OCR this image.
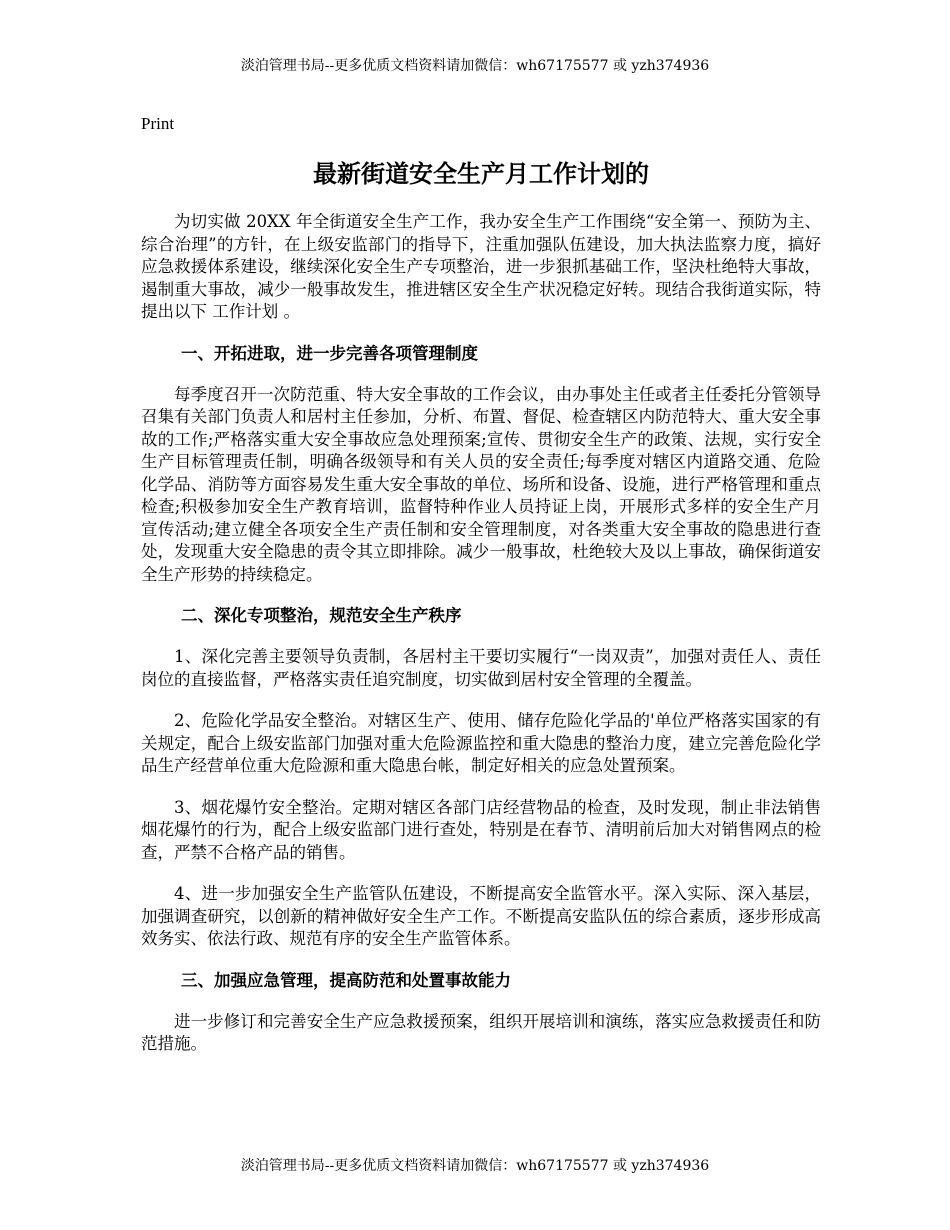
淡泊管理书局--更多优质文档资料请加微信：wh67175577 或 yzh374936
Print
最新街道安全生产月工作计划的

为切实做 20XX 年全街道安全生产工作，我办安全生产工作围绕“安全第一、预防为主、综合治理”的方针，在上级安监部门的指导下，注重加强队伍建设，加大执法监察力度，搞好应急救援体系建设，继续深化安全生产专项整治，进一步狠抓基础工作，坚決杜绝特大事故，遏制重大事故，减少一般事故发生，推进辖区安全生产状况稳定好转。现结合我街道实际，特提出以下 工作计划 。

一、开拓进取，进一步完善各项管理制度

每季度召开一次防范重、特大安全事故的工作会议，由办事处主任或者主任委托分管领导召集有关部门负责人和居村主任参加，分析、布置、督促、检查辖区内防范特大、重大安全事故的工作;严格落实重大安全事故应急处理预案;宣传、贯彻安全生产的政策、法规，实行安全生产目标管理责任制，明确各级领导和有关人员的安全责任;每季度对辖区内道路交通、危险化学品、消防等方面容易发生重大安全事故的单位、场所和设备、设施，进行严格管理和重点检查;积极参加安全生产教育培训，监督特种作业人员持证上岗，开展形式多样的安全生产月宣传活动;建立健全各项安全生产责任制和安全管理制度，对各类重大安全事故的隐患进行查处，发现重大安全隐患的责令其立即排除。减少一般事故，杜绝较大及以上事故，确保街道安全生产形势的持续稳定。

二、深化专项整治，规范安全生产秩序

1、深化完善主要领导负责制，各居村主干要切实履行“一岗双责”，加强对责任人、责任岗位的直接监督，严格落实责任追究制度，切实做到居村安全管理的全覆盖。

2、危险化学品安全整治。对辖区生产、使用、储存危险化学品的'单位严格落实国家的有关规定，配合上级安监部门加强对重大危险源监控和重大隐患的整治力度，建立完善危险化学品生产经营单位重大危险源和重大隐患台帐，制定好相关的应急处置预案。

3、烟花爆竹安全整治。定期对辖区各部门店经营物品的检查，及时发现，制止非法销售烟花爆竹的行为，配合上级安监部门进行查处，特别是在春节、清明前后加大对销售网点的检查，严禁不合格产品的销售。

4、进一步加强安全生产监管队伍建设，不断提高安全监管水平。深入实际、深入基层，加强调查研究，以创新的精神做好安全生产工作。不断提高安监队伍的综合素质，逐步形成高效务实、依法行政、规范有序的安全生产监管体系。

三、加强应急管理，提高防范和处置事故能力

进一步修订和完善安全生产应急救援预案，组织开展培训和演练，落实应急救援责任和防范措施。

淡泊管理书局--更多优质文档资料请加微信：wh67175577 或 yzh374936
